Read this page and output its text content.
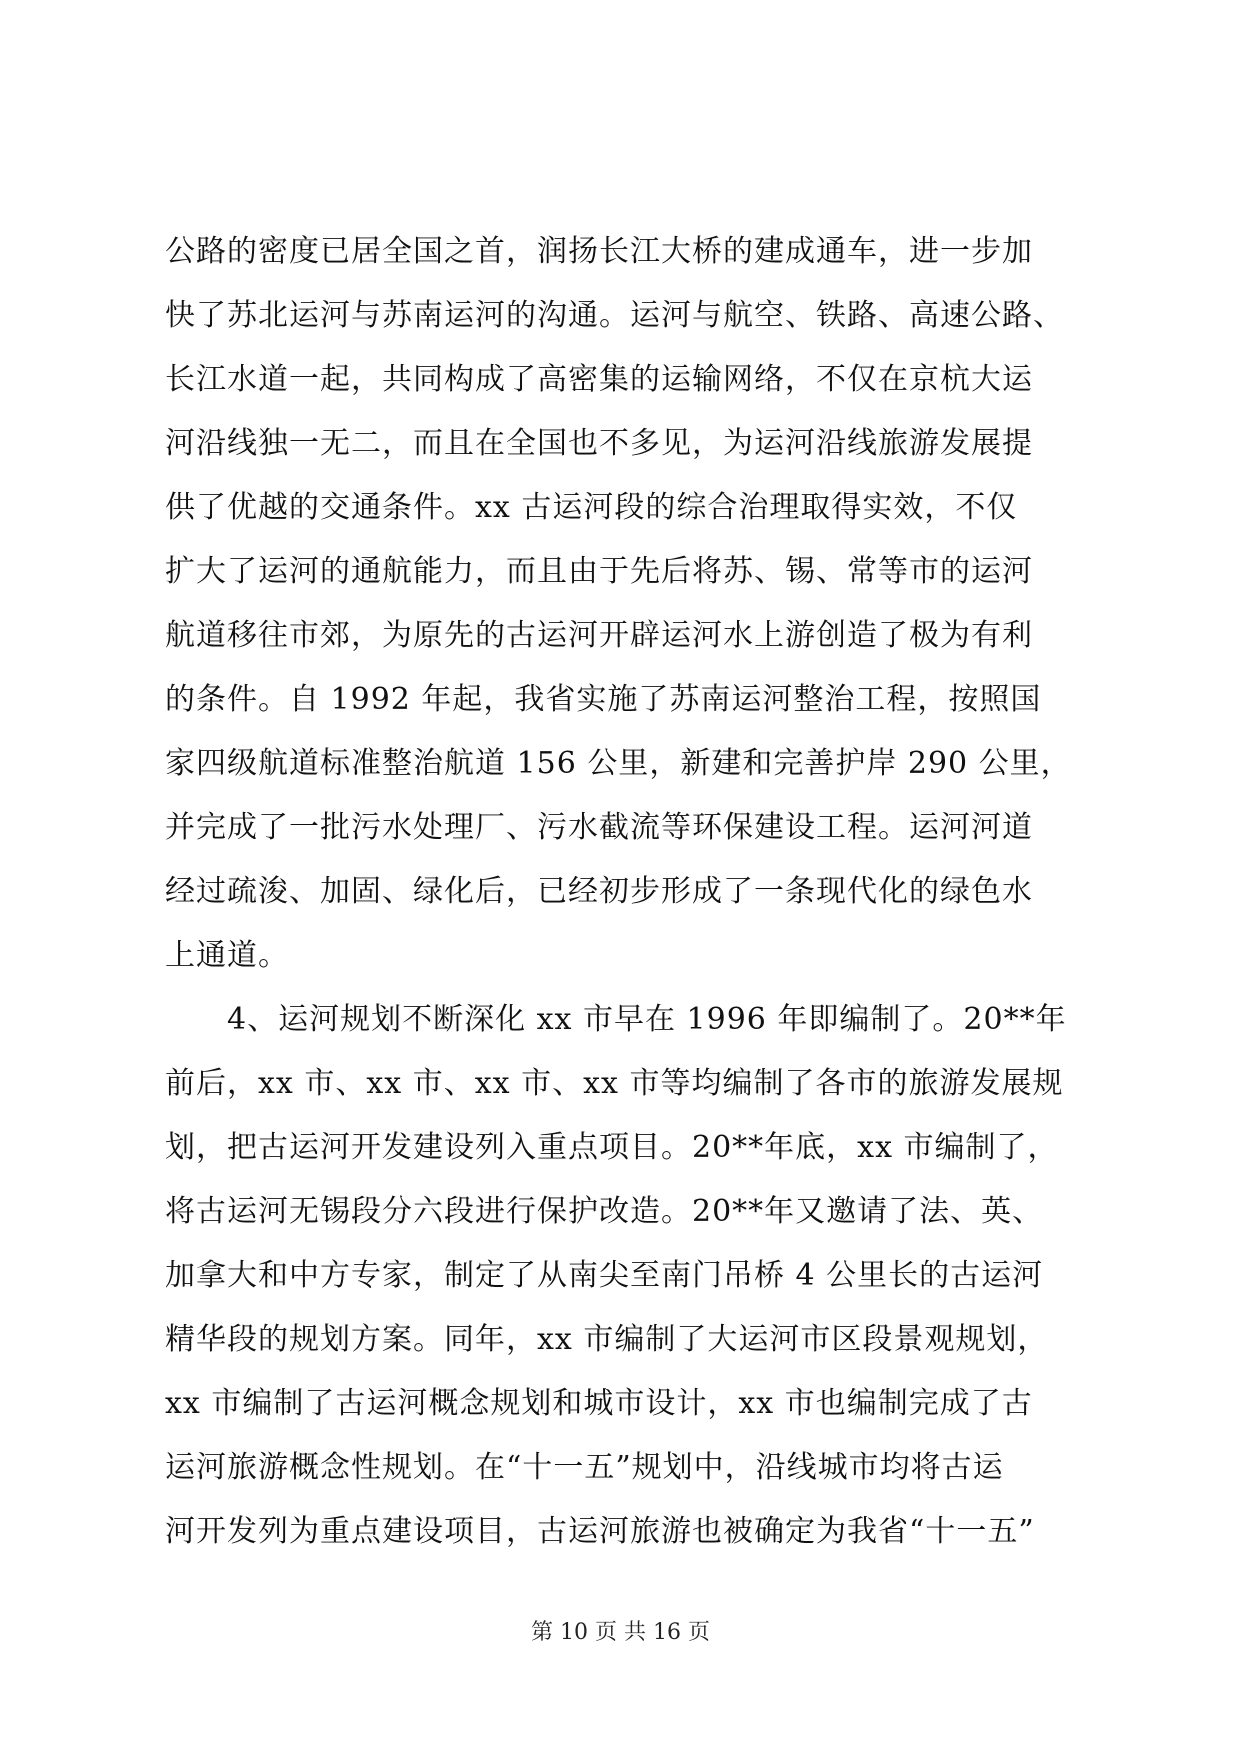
公路的密度已居全国之首，润扬长江大桥的建成通车，进一步加
快了苏北运河与苏南运河的沟通。运河与航空、铁路、高速公路、
长江水道一起，共同构成了高密集的运输网络，不仅在京杭大运
河沿线独一无二，而且在全国也不多见，为运河沿线旅游发展提
供了优越的交通条件。xx 古运河段的综合治理取得实效，不仅
扩大了运河的通航能力，而且由于先后将苏、锡、常等市的运河
航道移往市郊，为原先的古运河开辟运河水上游创造了极为有利
的条件。自 1992 年起，我省实施了苏南运河整治工程，按照国
家四级航道标准整治航道 156 公里，新建和完善护岸 290 公里，
并完成了一批污水处理厂、污水截流等环保建设工程。运河河道
经过疏浚、加固、绿化后，已经初步形成了一条现代化的绿色水
上通道。
　　4、运河规划不断深化 xx 市早在 1996 年即编制了。20**年
前后，xx 市、xx 市、xx 市、xx 市等均编制了各市的旅游发展规
划，把古运河开发建设列入重点项目。20**年底，xx 市编制了，
将古运河无锡段分六段进行保护改造。20**年又邀请了法、英、
加拿大和中方专家，制定了从南尖至南门吊桥 4 公里长的古运河
精华段的规划方案。同年，xx 市编制了大运河市区段景观规划，
xx 市编制了古运河概念规划和城市设计，xx 市也编制完成了古
运河旅游概念性规划。在“十一五”规划中，沿线城市均将古运
河开发列为重点建设项目，古运河旅游也被确定为我省“十一五”
第 10 页 共 16 页
